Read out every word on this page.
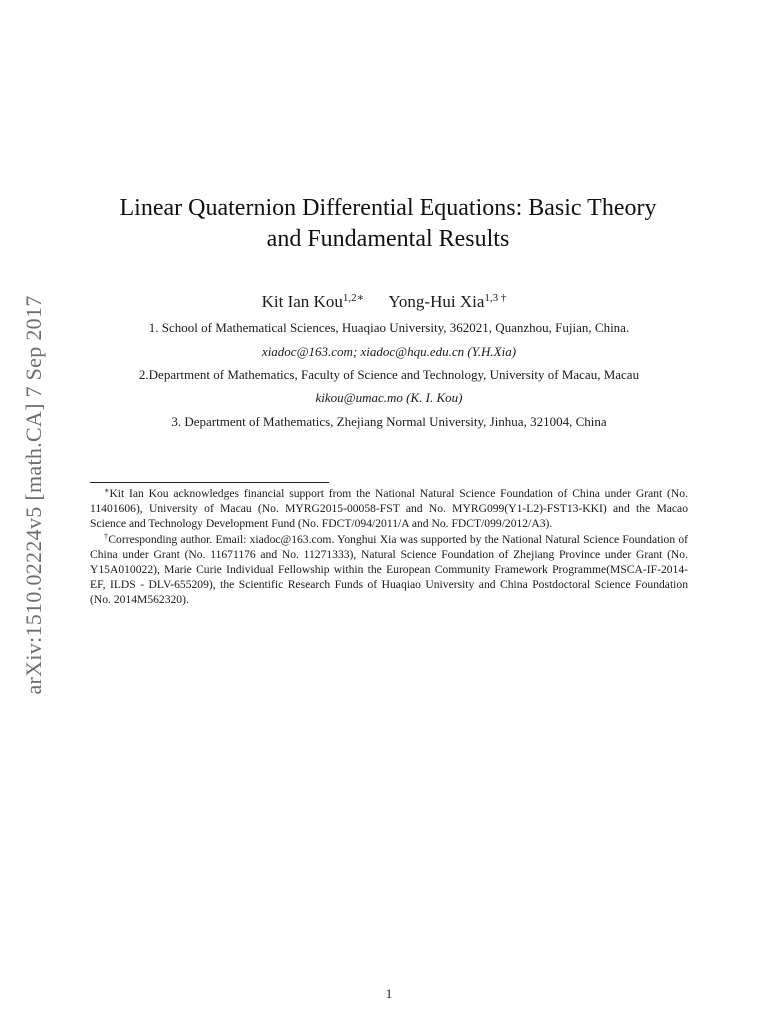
arXiv:1510.02224v5 [math.CA] 7 Sep 2017
Linear Quaternion Differential Equations: Basic Theory
and Fundamental Results
Kit Ian Kou$^{1,2∗}$ Yong-Hui Xia$^{1,3 \dagger}$
1. School of Mathematical Sciences, Huaqiao University, 362021, Quanzhou, Fujian, China.
xiadoc@163.com; xiadoc@hqu.edu.cn (Y.H.Xia)
2.Department of Mathematics, Faculty of Science and Technology, University of Macau, Macau
kikou@umac.mo (K. I. Kou)
3. Department of Mathematics, Zhejiang Normal University, Jinhua, 321004, China

∗Kit Ian Kou acknowledges financial support from the National Natural Science Foundation of China under Grant (No. 11401606), University of Macau (No. MYRG2015-00058-FST and No. MYRG099(Y1-L2)-FST13-KKI) and the Macao Science and Technology Development Fund (No. FDCT/094/2011/A and No. FDCT/099/2012/A3).

†Corresponding author. Email: xiadoc@163.com. Yonghui Xia was supported by the National Natural Science Foundation of China under Grant (No. 11671176 and No. 11271333), Natural Science Foundation of Zhejiang Province under Grant (No. Y15A010022), Marie Curie Individual Fellowship within the European Community Framework Programme(MSCA-IF-2014-EF, ILDS - DLV-655209), the Scientific Research Funds of Huaqiao University and China Postdoctoral Science Foundation (No. 2014M562320).

1
